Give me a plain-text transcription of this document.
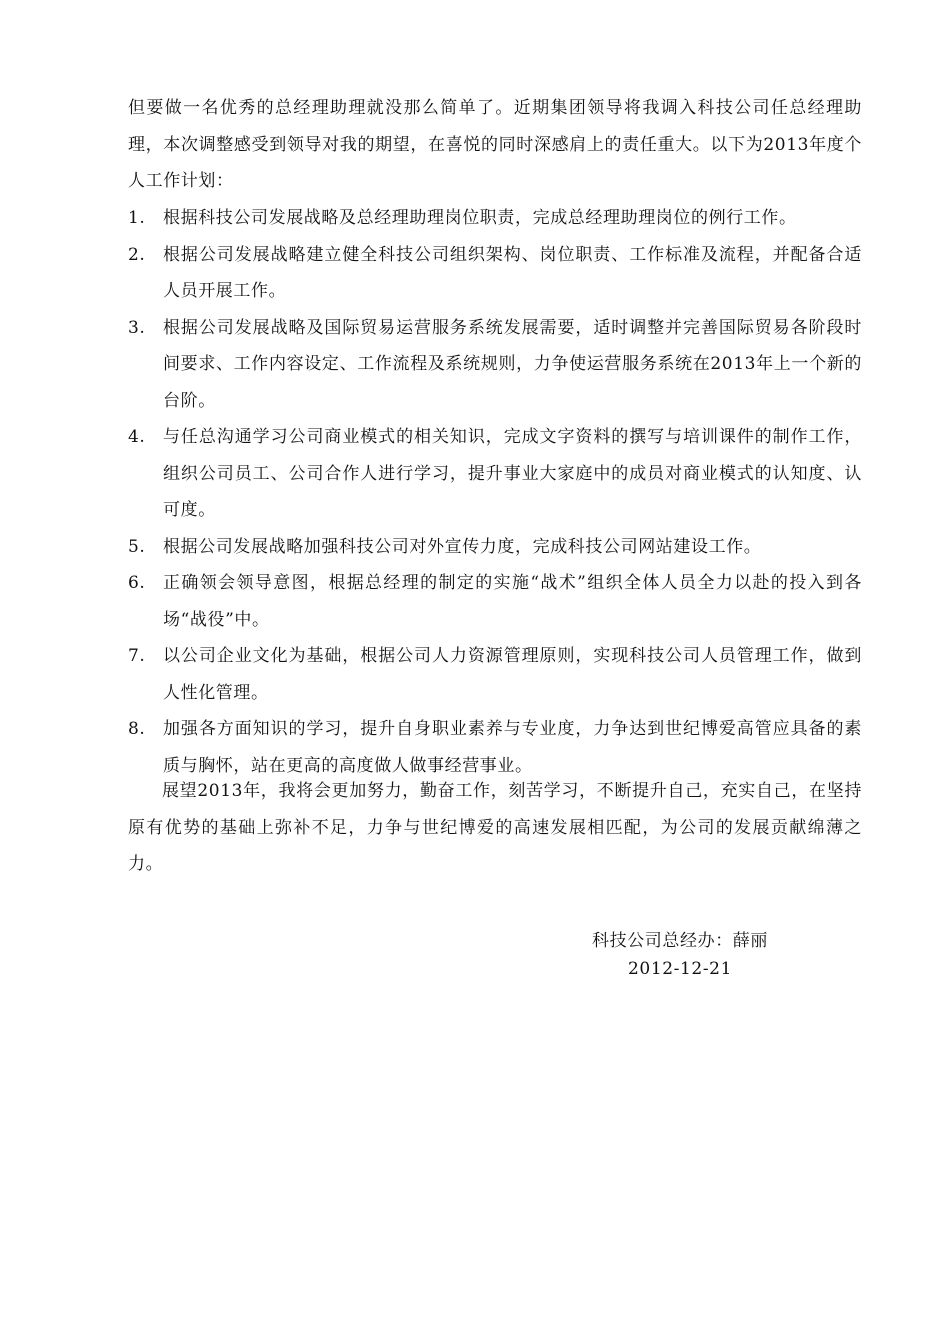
但要做一名优秀的总经理助理就没那么简单了。近期集团领导将我调入科技公司任总经理助理，本次调整感受到领导对我的期望，在喜悦的同时深感肩上的责任重大。以下为2013年度个人工作计划：

1.	根据科技公司发展战略及总经理助理岗位职责，完成总经理助理岗位的例行工作。
2.	根据公司发展战略建立健全科技公司组织架构、岗位职责、工作标准及流程，并配备合适人员开展工作。
3.	根据公司发展战略及国际贸易运营服务系统发展需要，适时调整并完善国际贸易各阶段时间要求、工作内容设定、工作流程及系统规则，力争使运营服务系统在2013年上一个新的台阶。
4.	与任总沟通学习公司商业模式的相关知识，完成文字资料的撰写与培训课件的制作工作，组织公司员工、公司合作人进行学习，提升事业大家庭中的成员对商业模式的认知度、认可度。
5.	根据公司发展战略加强科技公司对外宣传力度，完成科技公司网站建设工作。
6.	正确领会领导意图，根据总经理的制定的实施“战术”组织全体人员全力以赴的投入到各场“战役”中。
7.	以公司企业文化为基础，根据公司人力资源管理原则，实现科技公司人员管理工作，做到人性化管理。
8.	加强各方面知识的学习，提升自身职业素养与专业度，力争达到世纪博爱高管应具备的素质与胸怀，站在更高的高度做人做事经营事业。

展望2013年，我将会更加努力，勤奋工作，刻苦学习，不断提升自己，充实自己，在坚持原有优势的基础上弥补不足，力争与世纪博爱的高速发展相匹配，为公司的发展贡献绵薄之力。

科技公司总经办：薛丽
2012-12-21
